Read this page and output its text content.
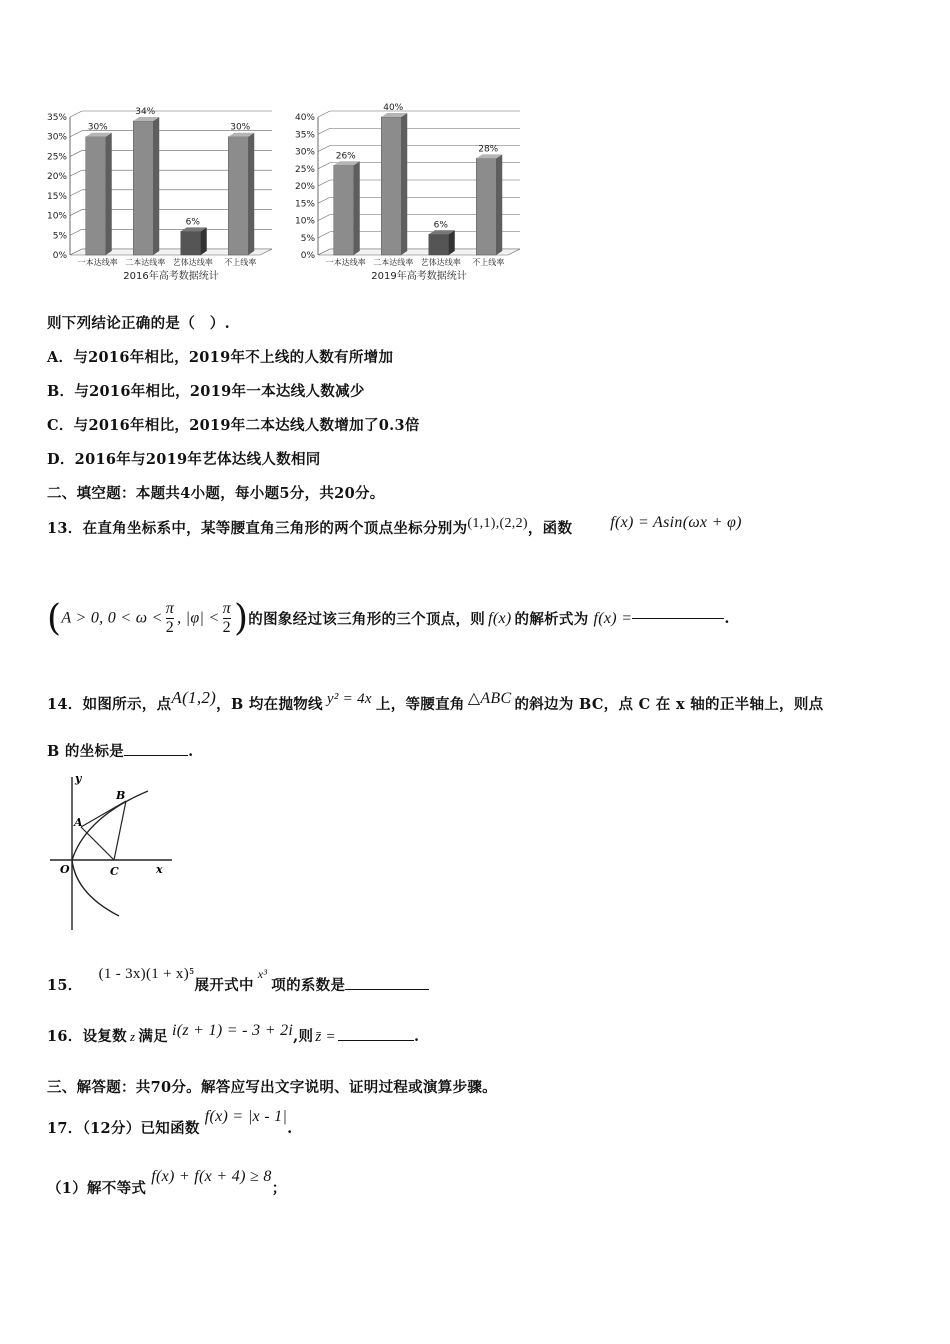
0%
5%
10%
15%
20%
25%
30%
35%
30%
一本达线率
34%
二本达线率
6%
艺体达线率
30%
不上线率
2016年高考数据统计
0%
5%
10%
15%
20%
25%
30%
35%
40%
26%
一本达线率
40%
二本达线率
6%
艺体达线率
28%
不上线率
2019年高考数据统计
则下列结论正确的是（　）.
A．与2016年相比，2019年不上线的人数有所增加
B．与2016年相比，2019年一本达线人数减少
C．与2016年相比，2019年二本达线人数增加了0.3倍
D．2016年与2019年艺体达线人数相同
二、填空题：本题共4小题，每小题5分，共20分。
13．在直角坐标系中，某等腰直角三角形的两个顶点坐标分别为$^{(1,1),(2,2)}$，函数 $^{f(x) = Asin(\omega x + \varphi)}$
(A > 0, $0 < \omega < \frac{\pi}{2}$ , $|\varphi| < \frac{\pi}{2}$ )的图象经过该三角形的三个顶点，则 f(x) 的解析式为 f(x) =	.
14．如图所示，点$^{A(1,2)}$，B 均在抛物线 $^{y^2 = 4x}$ 上，等腰直角 $^{\triangle ABC}$ 的斜边为 BC，点 C 在 x 轴的正半轴上，则点
B 的坐标是	.
y
x
O
A
B
C
15．$^{(1 - 3x)(1 + x)^5}$展开式中$^{x^3}$项的系数是
16．设复数 z 满足 $^{i(z + 1) = - 3 + 2i}$,则 z̄ =	.
三、解答题：共70分。解答应写出文字说明、证明过程或演算步骤。
17．（12分）已知函数$^{f(x) = |x - 1|}$.
（1）解不等式$^{f(x) + f(x + 4) \ge 8}$；
